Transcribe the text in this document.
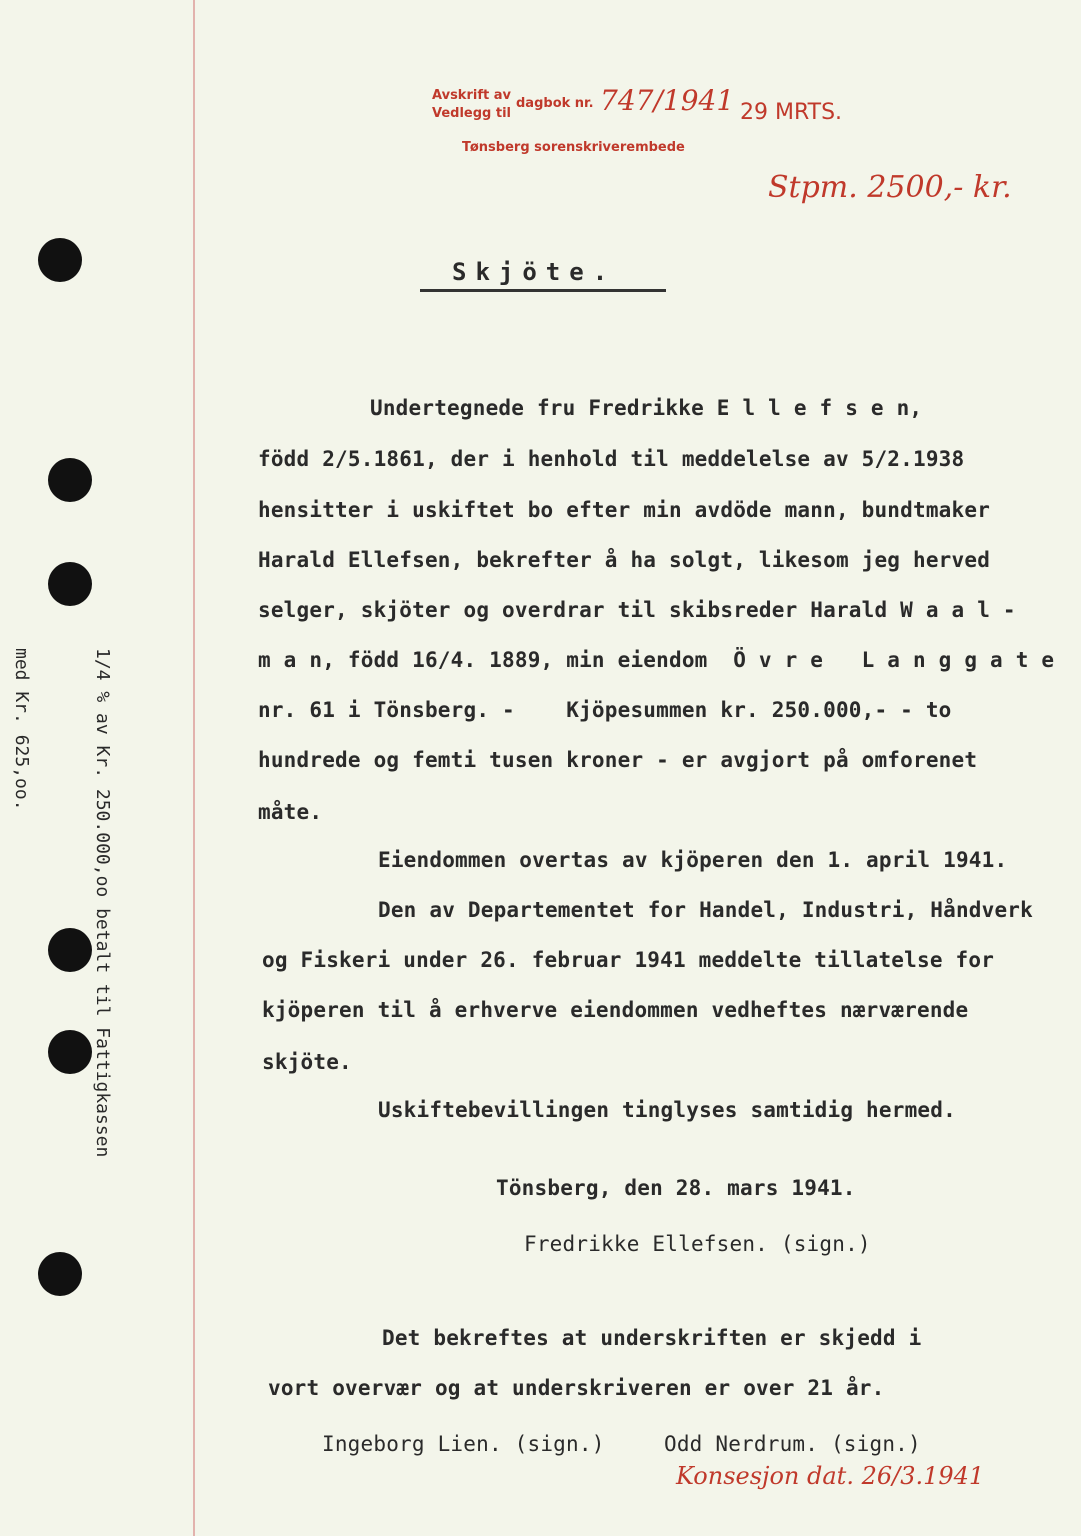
Avskrift av
Vedlegg til
dagbok nr. 747/1941 29 MRTS.
Tønsberg sorenskriverembede
Stpm. 2500,- kr.
Skjöte.
Undertegnede fru Fredrikke E l l e f s e n,
född 2/5.1861, der i henhold til meddelelse av 5/2.1938
hensitter i uskiftet bo efter min avdöde mann, bundtmaker
Harald Ellefsen, bekrefter å ha solgt, likesom jeg herved
selger, skjöter og overdrar til skibsreder Harald W a a l -
m a n, född 16/4. 1889, min eiendom  Ö v r e   L a n g g a t e
nr. 61 i Tönsberg. -    Kjöpesummen kr. 250.000,- - to
hundrede og femti tusen kroner - er avgjort på omforenet
måte.
Eiendommen overtas av kjöperen den 1. april 1941.
Den av Departementet for Handel, Industri, Håndverk
og Fiskeri under 26. februar 1941 meddelte tillatelse for
kjöperen til å erhverve eiendommen vedheftes nærværende
skjöte.
Uskiftebevillingen tinglyses samtidig hermed.
Tönsberg, den 28. mars 1941.
Fredrikke Ellefsen. (sign.)
Det bekreftes at underskriften er skjedd i
vort overvær og at underskriveren er over 21 år.
Ingeborg Lien. (sign.)	Odd Nerdrum. (sign.)
Konsesjon dat. 26/3.1941

1/4 % av Kr. 250.000,oo betalt til Fattigkassen

med Kr. 625,oo.
